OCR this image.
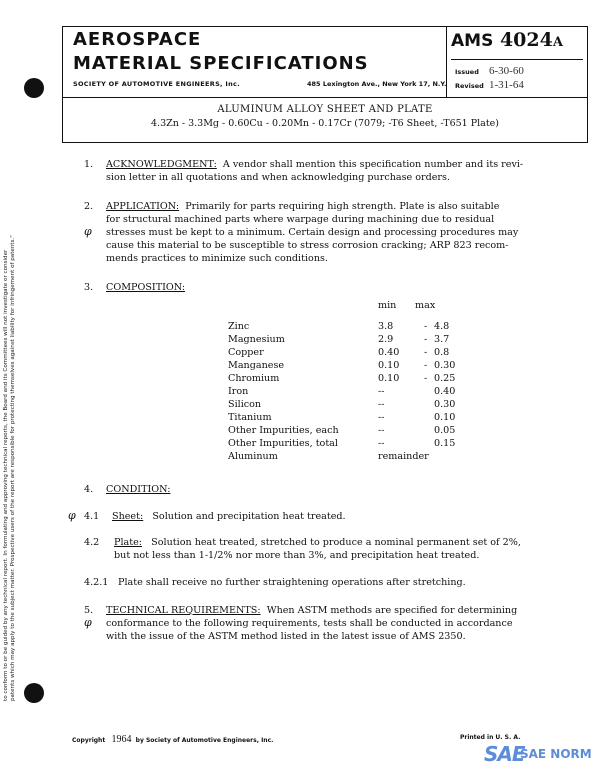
to conform to or be guided by any technical report. In formulating and approving technical reports, the Board and its Committees will not investigate or consider patents which may apply to the subject matter. Prospective users of the report are responsible for protecting themselves against liability for infringement of patents."

AEROSPACE
MATERIAL SPECIFICATIONS
SOCIETY OF AUTOMOTIVE ENGINEERS, Inc.	485 Lexington Ave., New York 17, N.Y.
AMS 4024A
Issued 6-30-60
Revised 1-31-64
ALUMINUM ALLOY SHEET AND PLATE
4.3Zn - 3.3Mg - 0.60Cu - 0.20Mn - 0.17Cr (7079; -T6 Sheet, -T651 Plate)
1. ACKNOWLEDGMENT: A vendor shall mention this specification number and its revi-
sion letter in all quotations and when acknowledging purchase orders.
2. APPLICATION: Primarily for parts requiring high strength. Plate is also suitable
for structural machined parts where warpage during machining due to residual
φ stresses must be kept to a minimum. Certain design and processing procedures may
cause this material to be susceptible to stress corrosion cracking; ARP 823 recom-
mends practices to minimize such conditions.
3. COMPOSITION:
min max
Zinc	3.8	- 4.8
Magnesium	2.9	- 3.7
Copper	0.40	- 0.8
Manganese	0.10	- 0.30
Chromium	0.10	- 0.25
Iron	--	0.40
Silicon	--	0.30
Titanium	--	0.10
Other Impurities, each	--	0.05
Other Impurities, total	--	0.15
Aluminum	remainder
4. CONDITION:
φ 4.1 Sheet: Solution and precipitation heat treated.
4.2 Plate: Solution heat treated, stretched to produce a nominal permanent set of 2%,
but not less than 1-1/2% nor more than 3%, and precipitation heat treated.
4.2.1 Plate shall receive no further straightening operations after stretching.
5. TECHNICAL REQUIREMENTS: When ASTM methods are specified for determining
φ conformance to the following requirements, tests shall be conducted in accordance
with the issue of the ASTM method listed in the latest issue of AMS 2350.
Copyright 1964 by Society of Automotive Engineers, Inc.	Printed in U. S. A.
SAE
SAE NORM
